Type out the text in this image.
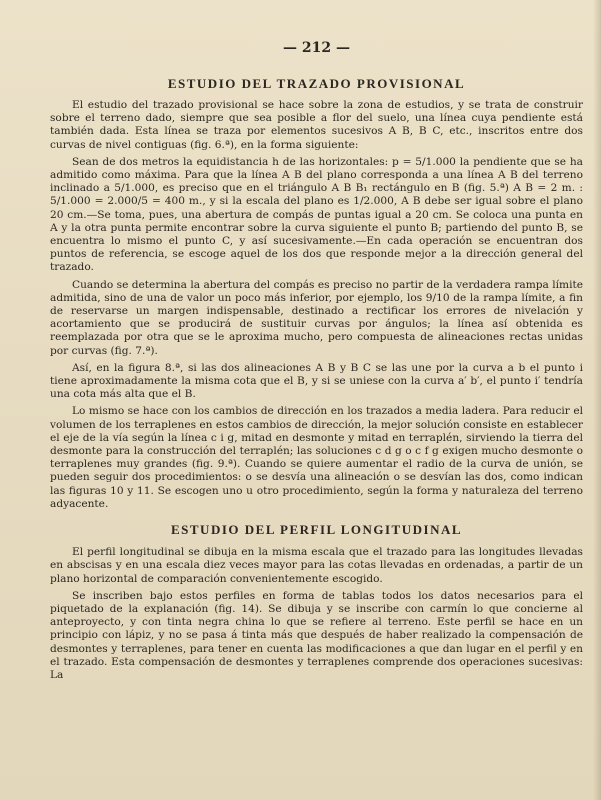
— 212 —
ESTUDIO DEL TRAZADO PROVISIONAL

El estudio del trazado provisional se hace sobre la zona de estudios, y se trata de construir sobre el terreno dado, siempre que sea posible a flor del suelo, una línea cuya pendiente está también dada. Esta línea se traza por elementos sucesivos A B, B C, etc., inscritos entre dos curvas de nivel contiguas (fig. 6.ª), en la forma siguiente:

Sean de dos metros la equidistancia h de las horizontales: p = 5/1.000 la pendiente que se ha admitido como máxima. Para que la línea A B del plano corresponda a una línea A B del terreno inclinado a 5/1.000, es preciso que en el triángulo A B B₁ rectángulo en B (fig. 5.ª) A B = 2 m. : 5/1.000 = 2.000/5 = 400 m., y si la escala del plano es 1/2.000, A B debe ser igual sobre el plano 20 cm.—Se toma, pues, una abertura de compás de puntas igual a 20 cm. Se coloca una punta en A y la otra punta permite encontrar sobre la curva siguiente el punto B; partiendo del punto B, se encuentra lo mismo el punto C, y así sucesivamente.—En cada operación se encuentran dos puntos de referencia, se escoge aquel de los dos que responde mejor a la dirección general del trazado.

Cuando se determina la abertura del compás es preciso no partir de la verdadera rampa límite admitida, sino de una de valor un poco más inferior, por ejemplo, los 9/10 de la rampa límite, a fin de reservarse un margen indispensable, destinado a rectificar los errores de nivelación y acortamiento que se producirá de sustituir curvas por ángulos; la línea así obtenida es reemplazada por otra que se le aproxima mucho, pero compuesta de alineaciones rectas unidas por curvas (fig. 7.ª).

Así, en la figura 8.ª, si las dos alineaciones A B y B C se las une por la curva a b el punto i tiene aproximadamente la misma cota que el B, y si se uniese con la curva a′ b′, el punto i′ tendría una cota más alta que el B.

Lo mismo se hace con los cambios de dirección en los trazados a media ladera. Para reducir el volumen de los terraplenes en estos cambios de dirección, la mejor solución consiste en establecer el eje de la vía según la línea c i g, mitad en desmonte y mitad en terraplén, sirviendo la tierra del desmonte para la construcción del terraplén; las soluciones c d g o c f g exigen mucho desmonte o terraplenes muy grandes (fig. 9.ª). Cuando se quiere aumentar el radio de la curva de unión, se pueden seguir dos procedimientos: o se desvía una alineación o se desvían las dos, como indican las figuras 10 y 11. Se escogen uno u otro procedimiento, según la forma y naturaleza del terreno adyacente.

ESTUDIO DEL PERFIL LONGITUDINAL

El perfil longitudinal se dibuja en la misma escala que el trazado para las longitudes llevadas en abscisas y en una escala diez veces mayor para las cotas llevadas en ordenadas, a partir de un plano horizontal de comparación convenientemente escogido.

Se inscriben bajo estos perfiles en forma de tablas todos los datos necesarios para el piquetado de la explanación (fig. 14). Se dibuja y se inscribe con carmín lo que concierne al anteproyecto, y con tinta negra china lo que se refiere al terreno. Este perfil se hace en un principio con lápiz, y no se pasa á tinta más que después de haber realizado la compensación de desmontes y terraplenes, para tener en cuenta las modificaciones a que dan lugar en el perfil y en el trazado. Esta compensación de desmontes y terraplenes comprende dos operaciones sucesivas: La
